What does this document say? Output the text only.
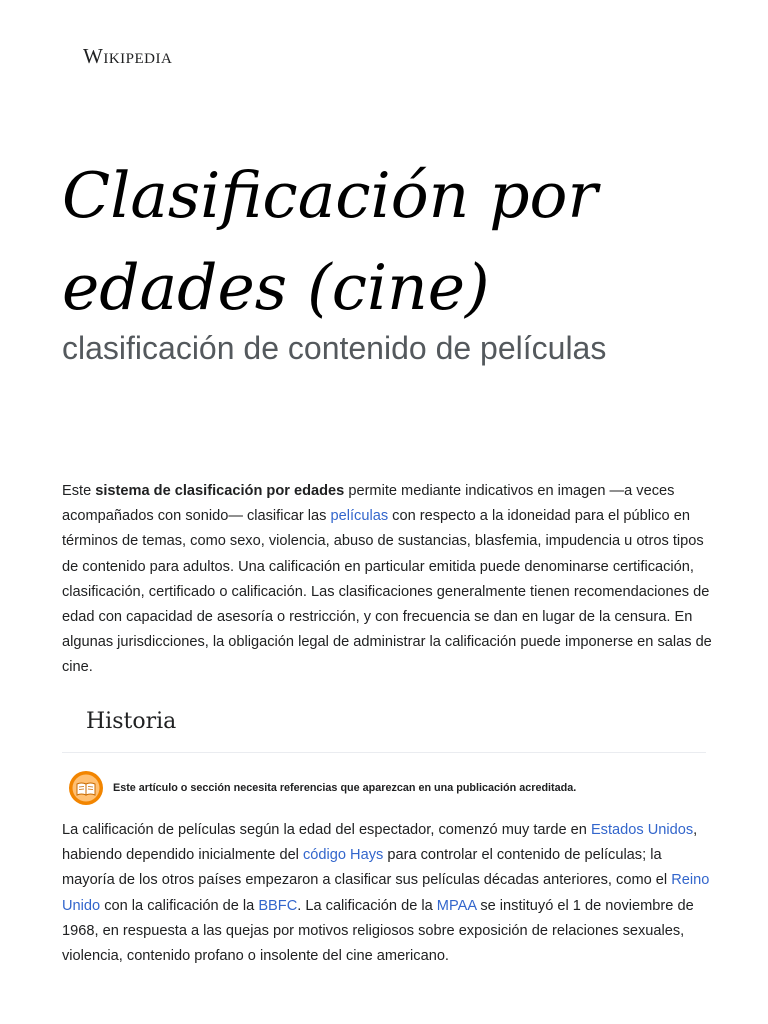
Wikipedia
Clasificación por edades (cine)
clasificación de contenido de películas

Este sistema de clasificación por edades permite mediante indicativos en imagen —a veces acompañados con sonido— clasificar las películas con respecto a la idoneidad para el público en términos de temas, como sexo, violencia, abuso de sustancias, blasfemia, impudencia u otros tipos de contenido para adultos. Una calificación en particular emitida puede denominarse certificación, clasificación, certificado o calificación. Las clasificaciones generalmente tienen recomendaciones de edad con capacidad de asesoría o restricción, y con frecuencia se dan en lugar de la censura. En algunas jurisdicciones, la obligación legal de administrar la calificación puede imponerse en salas de cine.

Historia
Este artículo o sección necesita referencias que aparezcan en una publicación acreditada.

La calificación de películas según la edad del espectador, comenzó muy tarde en Estados Unidos, habiendo dependido inicialmente del código Hays para controlar el contenido de películas; la mayoría de los otros países empezaron a clasificar sus películas décadas anteriores, como el Reino Unido con la calificación de la BBFC. La calificación de la MPAA se instituyó el 1 de noviembre de 1968, en respuesta a las quejas por motivos religiosos sobre exposición de relaciones sexuales, violencia, contenido profano o insolente del cine americano.
